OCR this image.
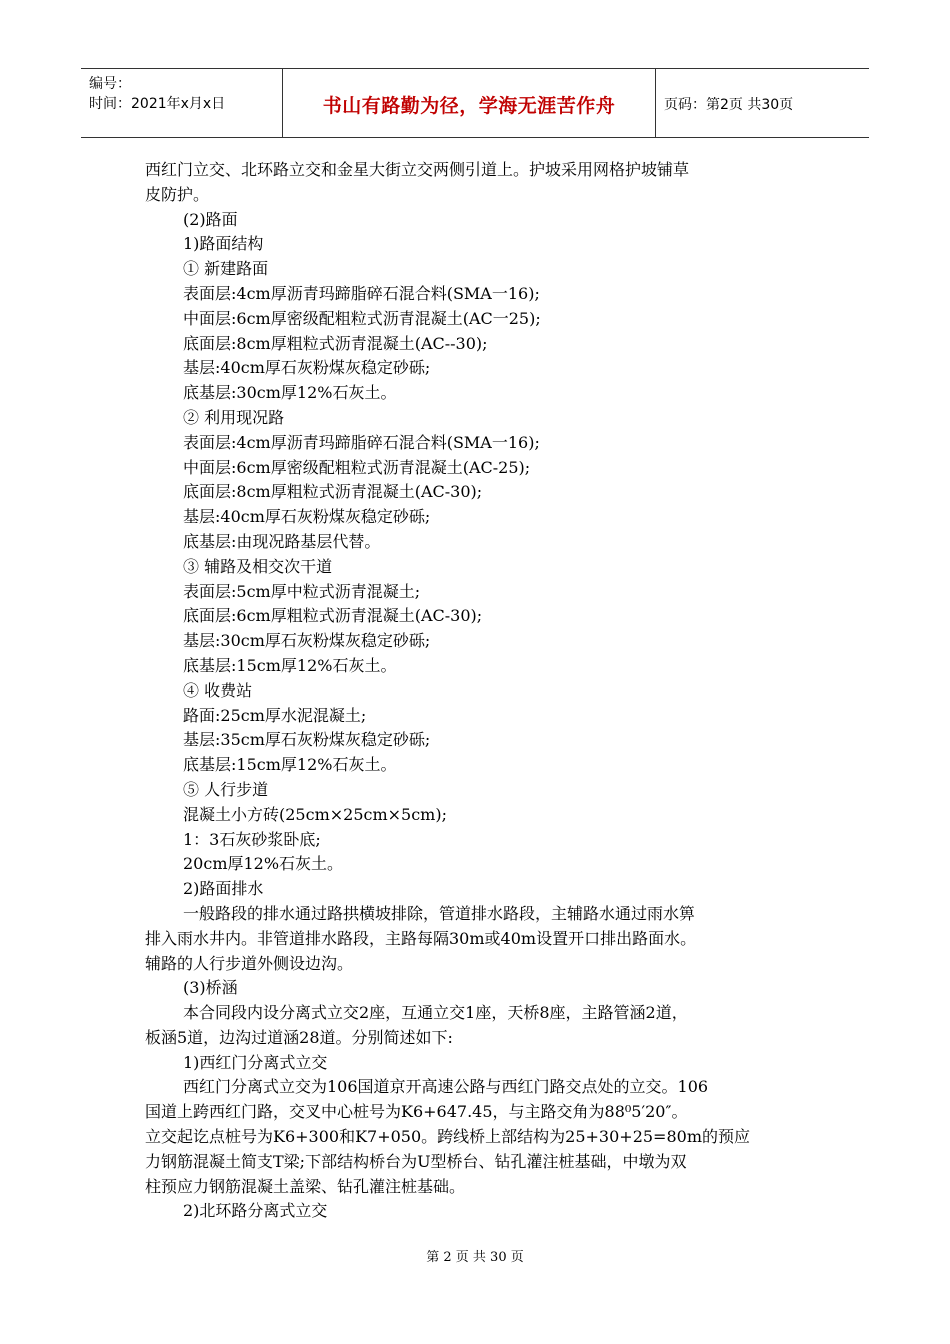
编号：
时间：2021年x月x日	书山有路勤为径，学海无涯苦作舟	页码：第2页 共30页
西红门立交、北环路立交和金星大街立交两侧引道上。护坡采用网格护坡铺草
皮防护。
(2)路面
1)路面结构
① 新建路面
表面层:4cm厚沥青玛蹄脂碎石混合料(SMA一16);
中面层:6cm厚密级配粗粒式沥青混凝土(AC一25);
底面层:8cm厚粗粒式沥青混凝土(AC--30);
基层:40cm厚石灰粉煤灰稳定砂砾;
底基层:30cm厚12%石灰土。
② 利用现况路
表面层:4cm厚沥青玛蹄脂碎石混合料(SMA一16);
中面层:6cm厚密级配粗粒式沥青混凝土(AC-25);
底面层:8cm厚粗粒式沥青混凝土(AC-30);
基层:40cm厚石灰粉煤灰稳定砂砾;
底基层:由现况路基层代替。
③ 辅路及相交次干道
表面层:5cm厚中粒式沥青混凝土;
底面层:6cm厚粗粒式沥青混凝土(AC-30);
基层:30cm厚石灰粉煤灰稳定砂砾;
底基层:15cm厚12%石灰土。
④ 收费站
路面:25cm厚水泥混凝土;
基层:35cm厚石灰粉煤灰稳定砂砾;
底基层:15cm厚12%石灰土。
⑤ 人行步道
混凝土小方砖(25cm×25cm×5cm);
1：3石灰砂浆卧底;
20cm厚12%石灰土。
2)路面排水
一般路段的排水通过路拱横坡排除，管道排水路段，主辅路水通过雨水箅
排入雨水井内。非管道排水路段，主路每隔30m或40m设置开口排出路面水。
辅路的人行步道外侧设边沟。
(3)桥涵
本合同段内设分离式立交2座，互通立交1座，天桥8座，主路管涵2道，
板涵5道，边沟过道涵28道。分别简述如下:
1)西红门分离式立交
西红门分离式立交为106国道京开高速公路与西红门路交点处的立交。106
国道上跨西红门路，交叉中心桩号为K6+647.45，与主路交角为88⁰5′20″。
立交起讫点桩号为K6+300和K7+050。跨线桥上部结构为25+30+25=80m的预应
力钢筋混凝土简支T梁;下部结构桥台为U型桥台、钻孔灌注桩基础，中墩为双
柱预应力钢筋混凝土盖梁、钻孔灌注桩基础。
2)北环路分离式立交
第 2 页 共 30 页
